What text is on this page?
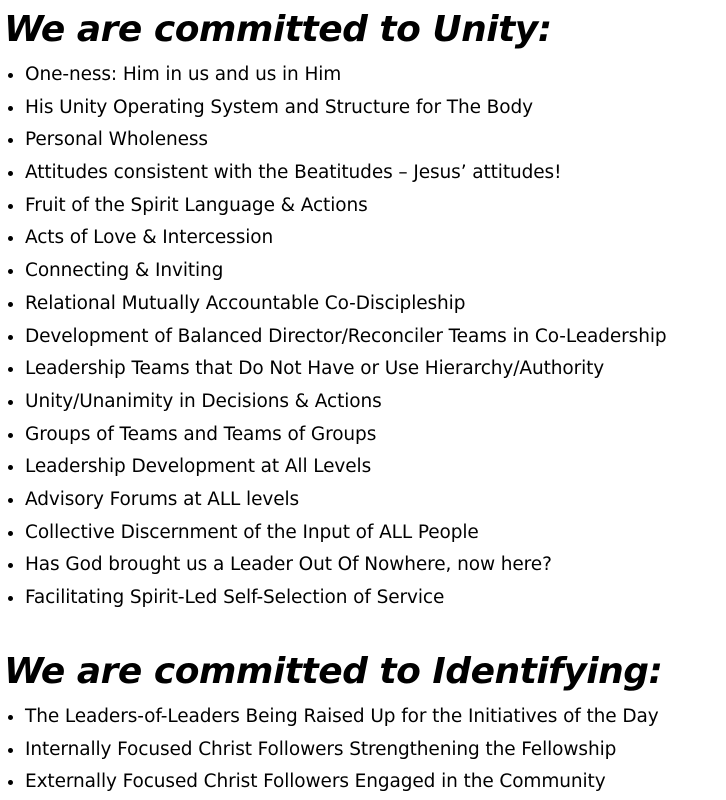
We are committed to Unity:
One-ness: Him in us and us in Him
His Unity Operating System and Structure for The Body
Personal Wholeness
Attitudes consistent with the Beatitudes – Jesus’ attitudes!
Fruit of the Spirit Language & Actions
Acts of Love & Intercession
Connecting & Inviting
Relational Mutually Accountable Co-Discipleship
Development of Balanced Director/Reconciler Teams in Co-Leadership
Leadership Teams that Do Not Have or Use Hierarchy/Authority
Unity/Unanimity in Decisions & Actions
Groups of Teams and Teams of Groups
Leadership Development at All Levels
Advisory Forums at ALL levels
Collective Discernment of the Input of ALL People
Has God brought us a Leader Out Of Nowhere, now here?
Facilitating Spirit-Led Self-Selection of Service
We are committed to Identifying:
The Leaders-of-Leaders Being Raised Up for the Initiatives of the Day
Internally Focused Christ Followers Strengthening the Fellowship
Externally Focused Christ Followers Engaged in the Community
